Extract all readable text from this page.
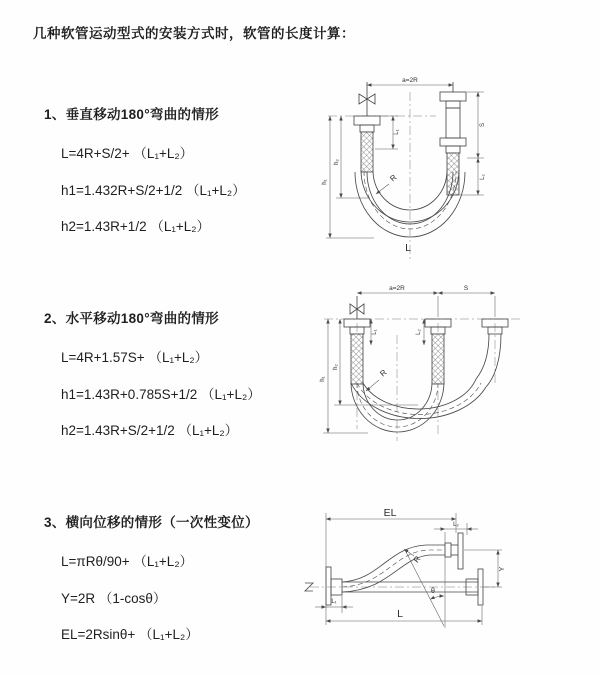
几种软管运动型式的安装方式时，软管的长度计算：
1、垂直移动180°弯曲的情形

L=4R+S/2+ （L₁+L₂）

h1=1.432R+S/2+1/2 （L₁+L₂）

h2=1.43R+1/2 （L₁+L₂）

2、水平移动180°弯曲的情形

L=4R+1.57S+ （L₁+L₂）

h1=1.43R+0.785S+1/2 （L₁+L₂）

h2=1.43R+S/2+1/2 （L₁+L₂）

3、横向位移的情形（一次性变位）

L=πRθ/90+ （L₁+L₂）

Y=2R （1-cosθ）

EL=2Rsinθ+ （L₁+L₂）

a=2R
h₁
h₂
L₁
S
L₂
R
L
a=2R	S
h₁
h₂
L₁	L₂
R
EL
L₂
Y
L
L₁
R
θ
